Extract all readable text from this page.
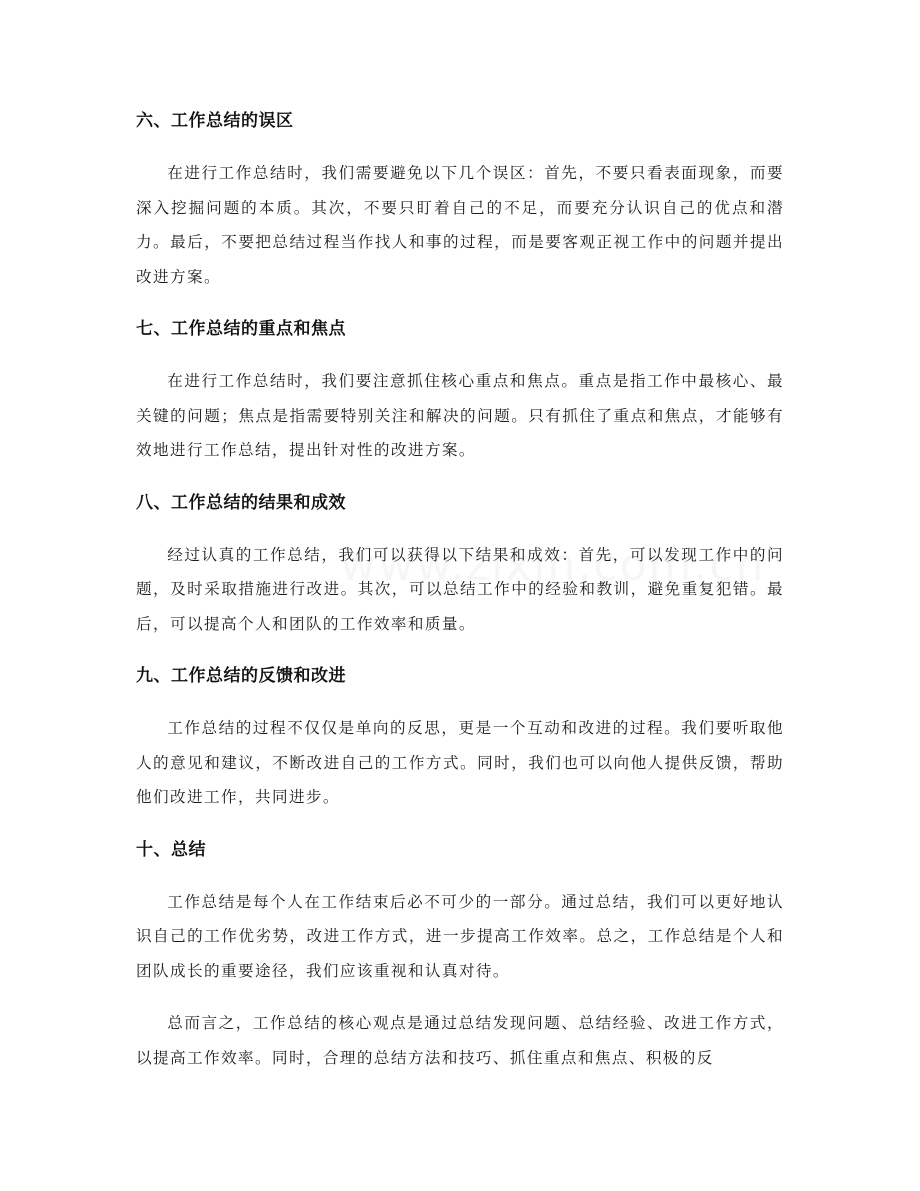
六、工作总结的误区

在进行工作总结时，我们需要避免以下几个误区：首先，不要只看表面现象，而要深入挖掘问题的本质。其次，不要只盯着自己的不足，而要充分认识自己的优点和潜力。最后，不要把总结过程当作找人和事的过程，而是要客观正视工作中的问题并提出改进方案。

七、工作总结的重点和焦点

在进行工作总结时，我们要注意抓住核心重点和焦点。重点是指工作中最核心、最关键的问题；焦点是指需要特别关注和解决的问题。只有抓住了重点和焦点，才能够有效地进行工作总结，提出针对性的改进方案。

八、工作总结的结果和成效

经过认真的工作总结，我们可以获得以下结果和成效：首先，可以发现工作中的问题，及时采取措施进行改进。其次，可以总结工作中的经验和教训，避免重复犯错。最后，可以提高个人和团队的工作效率和质量。

九、工作总结的反馈和改进

工作总结的过程不仅仅是单向的反思，更是一个互动和改进的过程。我们要听取他人的意见和建议，不断改进自己的工作方式。同时，我们也可以向他人提供反馈，帮助他们改进工作，共同进步。

十、总结

工作总结是每个人在工作结束后必不可少的一部分。通过总结，我们可以更好地认识自己的工作优劣势，改进工作方式，进一步提高工作效率。总之，工作总结是个人和团队成长的重要途径，我们应该重视和认真对待。

总而言之，工作总结的核心观点是通过总结发现问题、总结经验、改进工作方式，以提高工作效率。同时，合理的总结方法和技巧、抓住重点和焦点、积极的反
